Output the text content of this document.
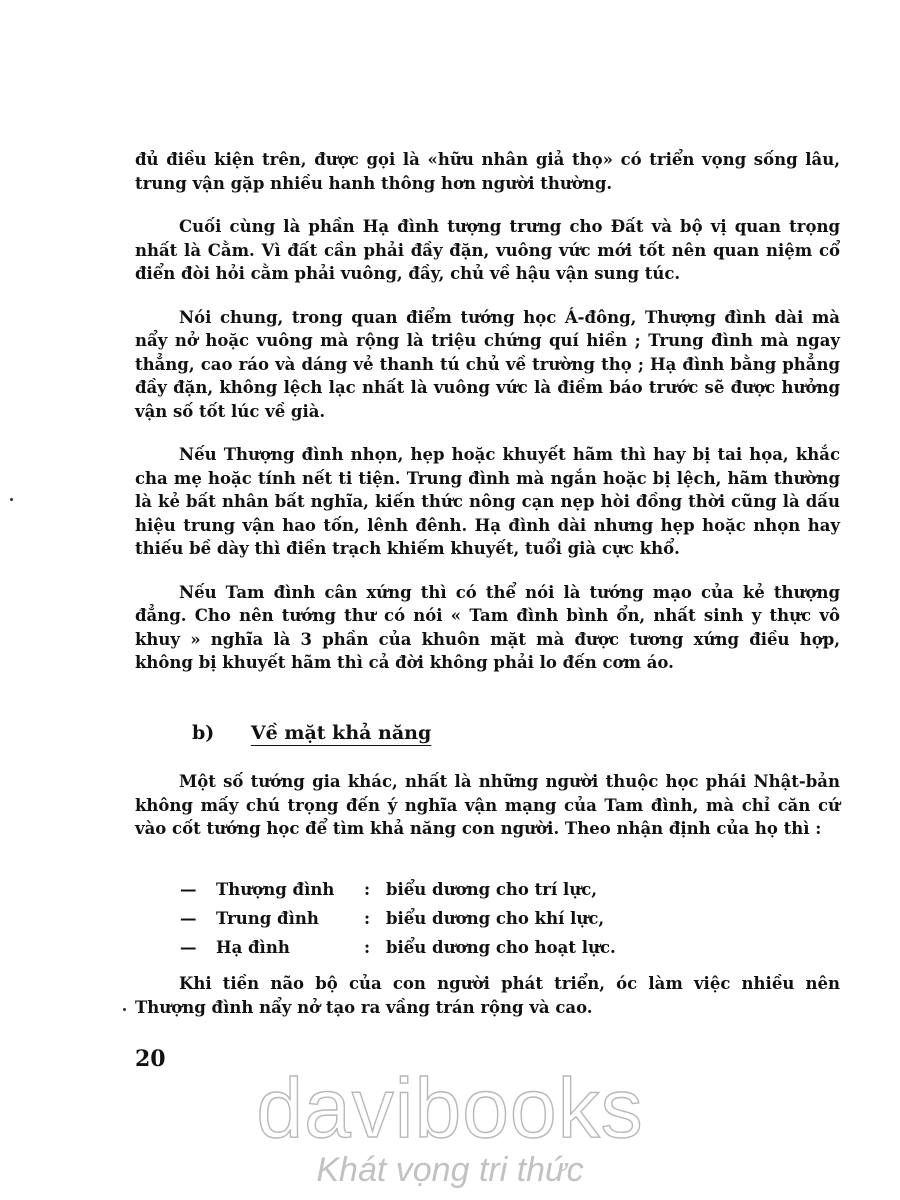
đủ điều kiện trên, được gọi là «hữu nhân giả thọ» có triển vọng sống lâu, trung vận gặp nhiều hanh thông hơn người thường.

Cuối cùng là phần Hạ đình tượng trưng cho Đất và bộ vị quan trọng nhất là Cằm. Vì đất cần phải đầy đặn, vuông vức mới tốt nên quan niệm cổ điển đòi hỏi cằm phải vuông, đầy, chủ về hậu vận sung túc.

Nói chung, trong quan điểm tướng học Á-đông, Thượng đình dài mà nẩy nở hoặc vuông mà rộng là triệu chứng quí hiền ; Trung đình mà ngay thẳng, cao ráo và dáng vẻ thanh tú chủ về trường thọ ; Hạ đình bằng phẳng đầy đặn, không lệch lạc nhất là vuông vức là điềm báo trước sẽ được hưởng vận số tốt lúc về già.

Nếu Thượng đình nhọn, hẹp hoặc khuyết hãm thì hay bị tai họa, khắc cha mẹ hoặc tính nết ti tiện. Trung đình mà ngắn hoặc bị lệch, hãm thường là kẻ bất nhân bất nghĩa, kiến thức nông cạn nẹp hòi đồng thời cũng là dấu hiệu trung vận hao tốn, lênh đênh. Hạ đình dài nhưng hẹp hoặc nhọn hay thiếu bề dày thì điền trạch khiếm khuyết, tuổi già cực khổ.

Nếu Tam đình cân xứng thì có thể nói là tướng mạo của kẻ thượng đẳng. Cho nên tướng thư có nói « Tam đình bình ổn, nhất sinh y thực vô khuy » nghĩa là 3 phần của khuôn mặt mà được tương xứng điều hợp, không bị khuyết hãm thì cả đời không phải lo đến cơm áo.

b) Về mặt khả năng

Một số tướng gia khác, nhất là những người thuộc học phái Nhật-bản không mấy chú trọng đến ý nghĩa vận mạng của Tam đình, mà chỉ căn cứ vào cốt tướng học để tìm khả năng con người. Theo nhận định của họ thì :

—	Thượng đình	: biểu dương cho trí lực,
—	Trung đình	: biểu dương cho khí lực,
—	Hạ đình	: biểu dương cho hoạt lực.

Khi tiền não bộ của con người phát triển, óc làm việc nhiều nên Thượng đình nẩy nở tạo ra vầng trán rộng và cao.

20
davibooks
Khát vọng tri thức
